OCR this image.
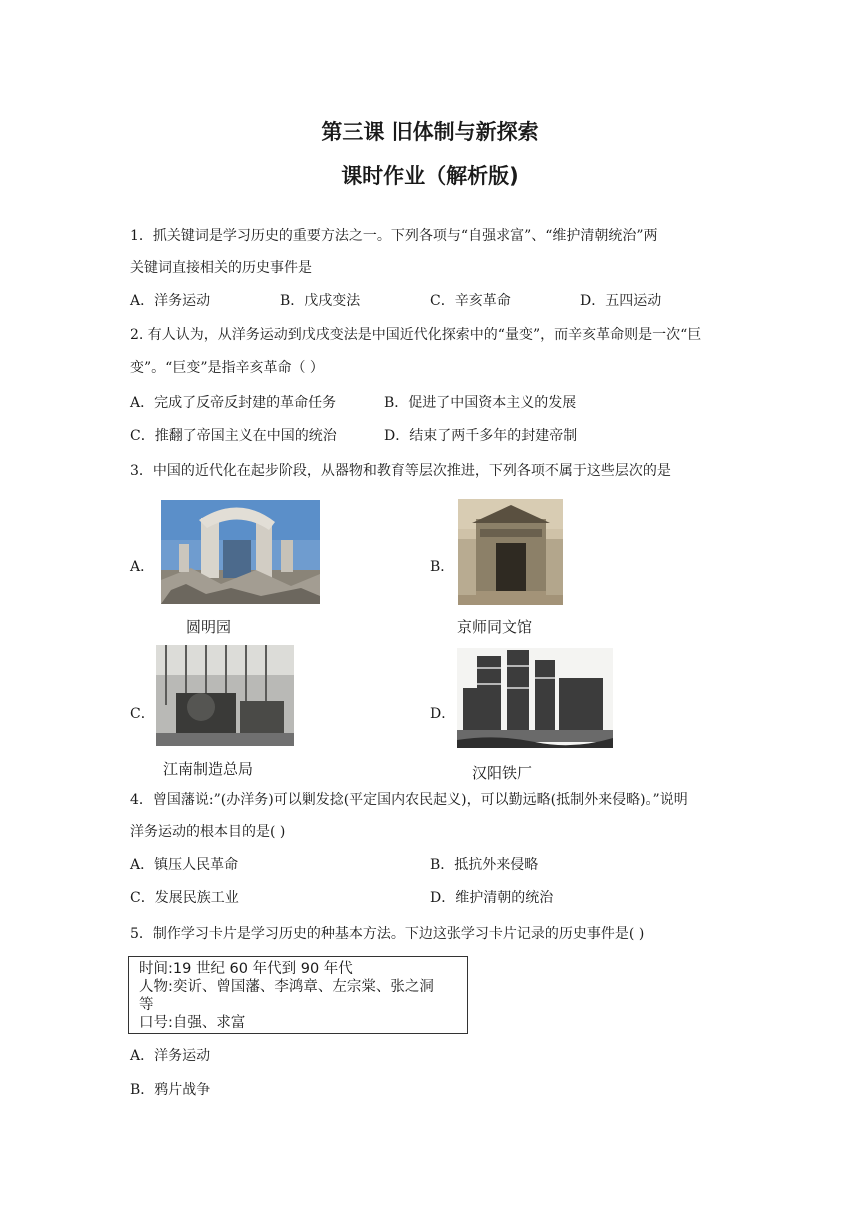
第三课 旧体制与新探索
课时作业（解析版)
1．抓关键词是学习历史的重要方法之一。下列各项与“自强求富”、“维护清朝统治”两
关键词直接相关的历史事件是
A．洋务运动	B．戊戌变法	C．辛亥革命	D．五四运动
2. 有人认为，从洋务运动到戊戌变法是中国近代化探索中的“量变”，而辛亥革命则是一次“巨
变”。“巨变”是指辛亥革命（ ）
A．完成了反帝反封建的革命任务	B．促进了中国资本主义的发展
C．推翻了帝国主义在中国的统治	D．结束了两千多年的封建帝制
3．中国的近代化在起步阶段，从器物和教育等层次推进，下列各项不属于这些层次的是
A．
圆明园
B．
京师同文馆
C．
江南制造总局
D．
汉阳铁厂
4．曾国藩说:”(办洋务)可以剿发捻(平定国内农民起义)，可以勤远略(抵制外来侵略)。”说明
洋务运动的根本目的是( )
A．镇压人民革命	B．抵抗外来侵略
C．发展民族工业	D．维护清朝的统治
5．制作学习卡片是学习历史的种基本方法。下边这张学习卡片记录的历史事件是( )
时间:19 世纪 60 年代到 90 年代
人物:奕䜣、曾国藩、李鸿章、左宗棠、张之洞
等
口号:自强、求富
A．洋务运动
B．鸦片战争
